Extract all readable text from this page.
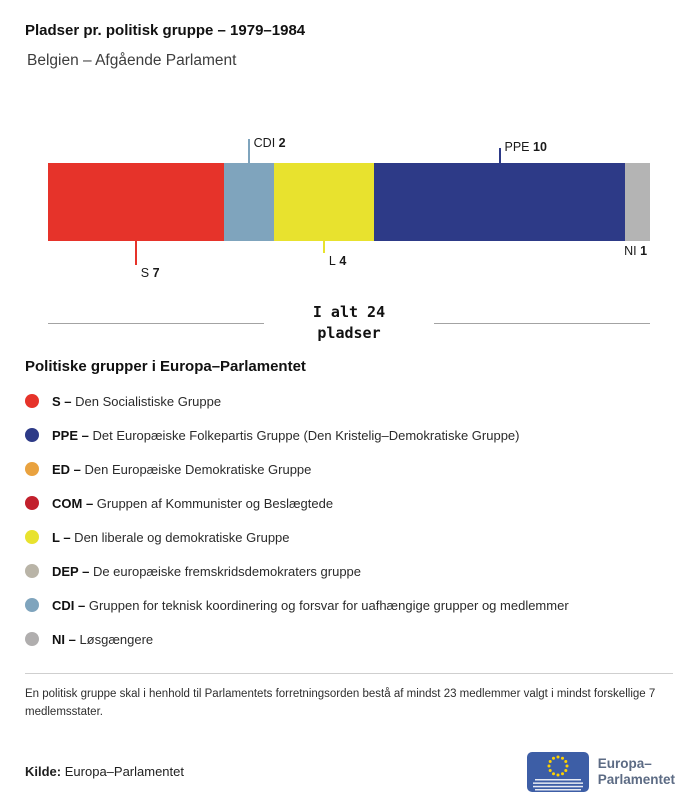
Pladser pr. politisk gruppe – 1979–1984
Belgien – Afgående Parlament
S 7
CDI 2
L 4
PPE 10
NI 1
I alt 24
pladser
Politiske grupper i Europa–Parlamentet
S – Den Socialistiske Gruppe
PPE – Det Europæiske Folkepartis Gruppe (Den Kristelig–Demokratiske Gruppe)
ED – Den Europæiske Demokratiske Gruppe
COM – Gruppen af Kommunister og Beslægtede
L – Den liberale og demokratiske Gruppe
DEP – De europæiske fremskridsdemokraters gruppe
CDI – Gruppen for teknisk koordinering og forsvar for uafhængige grupper og medlemmer
NI – Løsgængere
En politisk gruppe skal i henhold til Parlamentets forretningsorden bestå af mindst 23 medlemmer valgt i mindst forskellige 7 medlemsstater.
Kilde: Europa–Parlamentet
Europa–
Parlamentet
